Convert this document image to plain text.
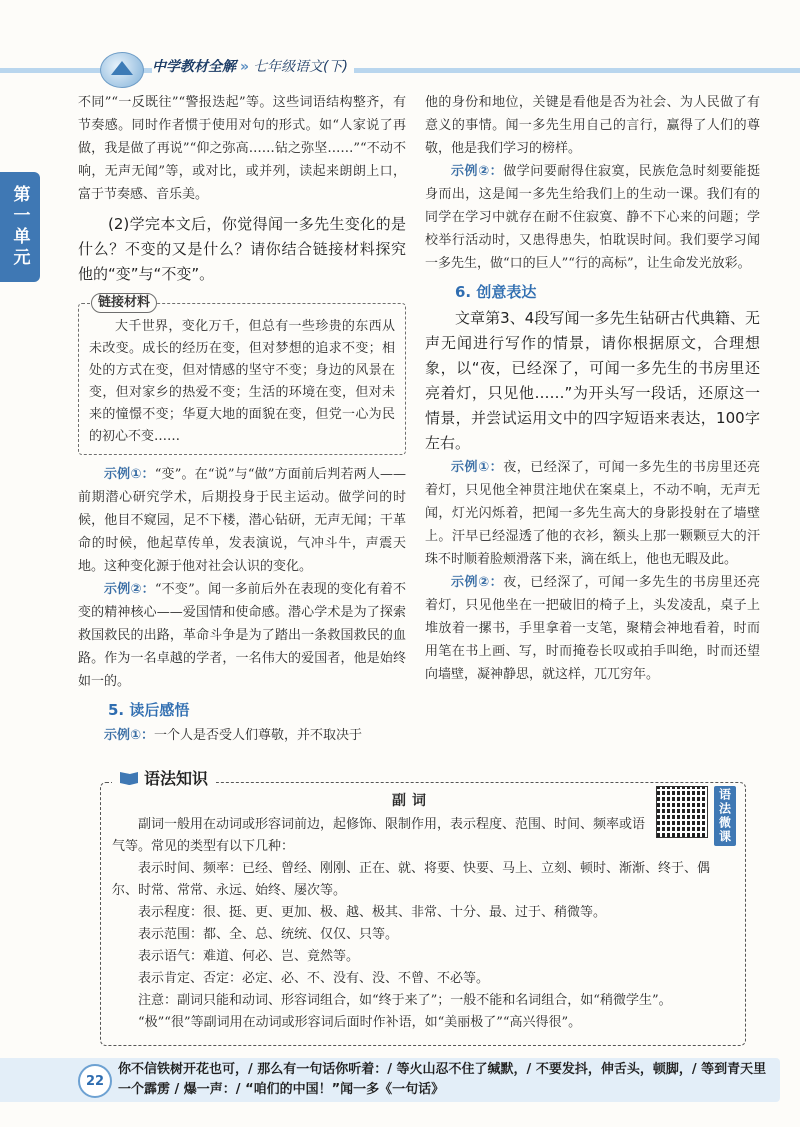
中学教材全解 » 七年级语文(下)
第一单元

不同”“一反既往”“警报迭起”等。这些词语结构整齐，有节奏感。同时作者惯于使用对句的形式。如“人家说了再做，我是做了再说”“仰之弥高……钻之弥坚……”“不动不响，无声无闻”等，或对比，或并列，读起来朗朗上口，富于节奏感、音乐美。

(2)学完本文后，你觉得闻一多先生变化的是什么？不变的又是什么？请你结合链接材料探究他的“变”与“不变”。

链接材料

大千世界，变化万千，但总有一些珍贵的东西从未改变。成长的经历在变，但对梦想的追求不变；相处的方式在变，但对情感的坚守不变；身边的风景在变，但对家乡的热爱不变；生活的环境在变，但对未来的憧憬不变；华夏大地的面貌在变，但党一心为民的初心不变……

示例①：“变”。在“说”与“做”方面前后判若两人——前期潜心研究学术，后期投身于民主运动。做学问的时候，他目不窥园，足不下楼，潜心钻研，无声无闻；干革命的时候，他起草传单，发表演说，气冲斗牛，声震天地。这种变化源于他对社会认识的变化。

示例②：“不变”。闻一多前后外在表现的变化有着不变的精神核心——爱国情和使命感。潜心学术是为了探索救国救民的出路，革命斗争是为了踏出一条救国救民的血路。作为一名卓越的学者，一名伟大的爱国者，他是始终如一的。

5. 读后感悟

示例①：一个人是否受人们尊敬，并不取决于

他的身份和地位，关键是看他是否为社会、为人民做了有意义的事情。闻一多先生用自己的言行，赢得了人们的尊敬，他是我们学习的榜样。

示例②：做学问要耐得住寂寞，民族危急时刻要能挺身而出，这是闻一多先生给我们上的生动一课。我们有的同学在学习中就存在耐不住寂寞、静不下心来的问题；学校举行活动时，又患得患失，怕耽误时间。我们要学习闻一多先生，做“口的巨人”“行的高标”，让生命发光放彩。

6. 创意表达

文章第3、4段写闻一多先生钻研古代典籍、无声无闻进行写作的情景，请你根据原文，合理想象，以“夜，已经深了，可闻一多先生的书房里还亮着灯，只见他……”为开头写一段话，还原这一情景，并尝试运用文中的四字短语来表达，100字左右。

示例①：夜，已经深了，可闻一多先生的书房里还亮着灯，只见他全神贯注地伏在案桌上，不动不响，无声无闻，灯光闪烁着，把闻一多先生高大的身影投射在了墙壁上。汗早已经湿透了他的衣衫，额头上那一颗颗豆大的汗珠不时顺着脸颊滑落下来，滴在纸上，他也无暇及此。

示例②：夜，已经深了，可闻一多先生的书房里还亮着灯，只见他坐在一把破旧的椅子上，头发凌乱，桌子上堆放着一摞书，手里拿着一支笔，聚精会神地看着，时而用笔在书上画、写，时而掩卷长叹或拍手叫绝，时而还望向墙壁，凝神静思，就这样，兀兀穷年。

语法知识
语法微课
副词

副词一般用在动词或形容词前边，起修饰、限制作用，表示程度、范围、时间、频率或语气等。常见的类型有以下几种：

表示时间、频率：已经、曾经、刚刚、正在、就、将要、快要、马上、立刻、顿时、渐渐、终于、偶尔、时常、常常、永远、始终、屡次等。

表示程度：很、挺、更、更加、极、越、极其、非常、十分、最、过于、稍微等。

表示范围：都、全、总、统统、仅仅、只等。

表示语气：难道、何必、岂、竟然等。

表示肯定、否定：必定、必、不、没有、没、不曾、不必等。

注意：副词只能和动词、形容词组合，如“终于来了”；一般不能和名词组合，如“稍微学生”。

“极”“很”等副词用在动词或形容词后面时作补语，如“美丽极了”“高兴得很”。

22
你不信铁树开花也可，/ 那么有一句话你听着：/ 等火山忍不住了缄默，/ 不要发抖，伸舌头，顿脚，/ 等到青天里一个霹雳 / 爆一声：/ “咱们的中国！”闻一多《一句话》
